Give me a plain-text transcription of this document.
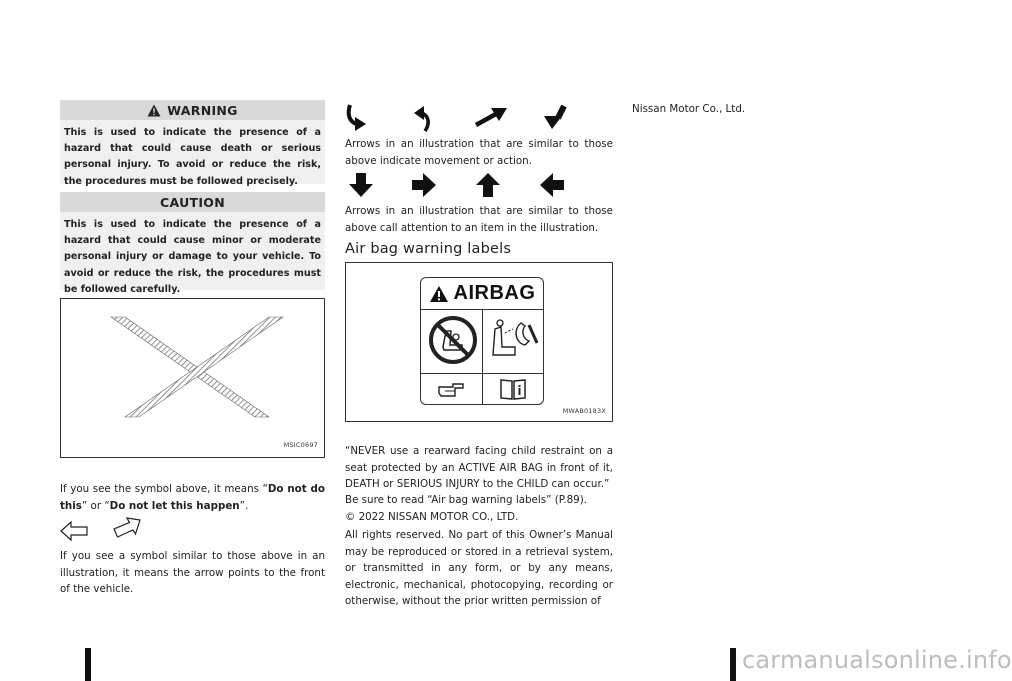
WARNING
This is used to indicate the presence of a hazard that could cause death or serious personal injury. To avoid or reduce the risk, the procedures must be followed precisely.
CAUTION
This is used to indicate the presence of a hazard that could cause minor or moderate personal injury or damage to your vehicle. To avoid or reduce the risk, the procedures must be followed carefully.
MSIC0697
If you see the symbol above, it means “Do not do this” or “Do not let this happen”.
If you see a symbol similar to those above in an illustration, it means the arrow points to the front of the vehicle.
Arrows in an illustration that are similar to those above indicate movement or action.
Arrows in an illustration that are similar to those above call attention to an item in the illustration.
Air bag warning labels
AIRBAG
MWAB0183X
“NEVER use a rearward facing child restraint on a seat protected by an ACTIVE AIR BAG in front of it, DEATH or SERIOUS INJURY to the CHILD can occur.”
Be sure to read “Air bag warning labels” (P.89).
© 2022 NISSAN MOTOR CO., LTD.
All rights reserved. No part of this Owner’s Manual may be reproduced or stored in a retrieval system, or transmitted in any form, or by any means, electronic, mechanical, photocopying, recording or otherwise, without the prior written permission of
Nissan Motor Co., Ltd.
carmanualsonline.info
